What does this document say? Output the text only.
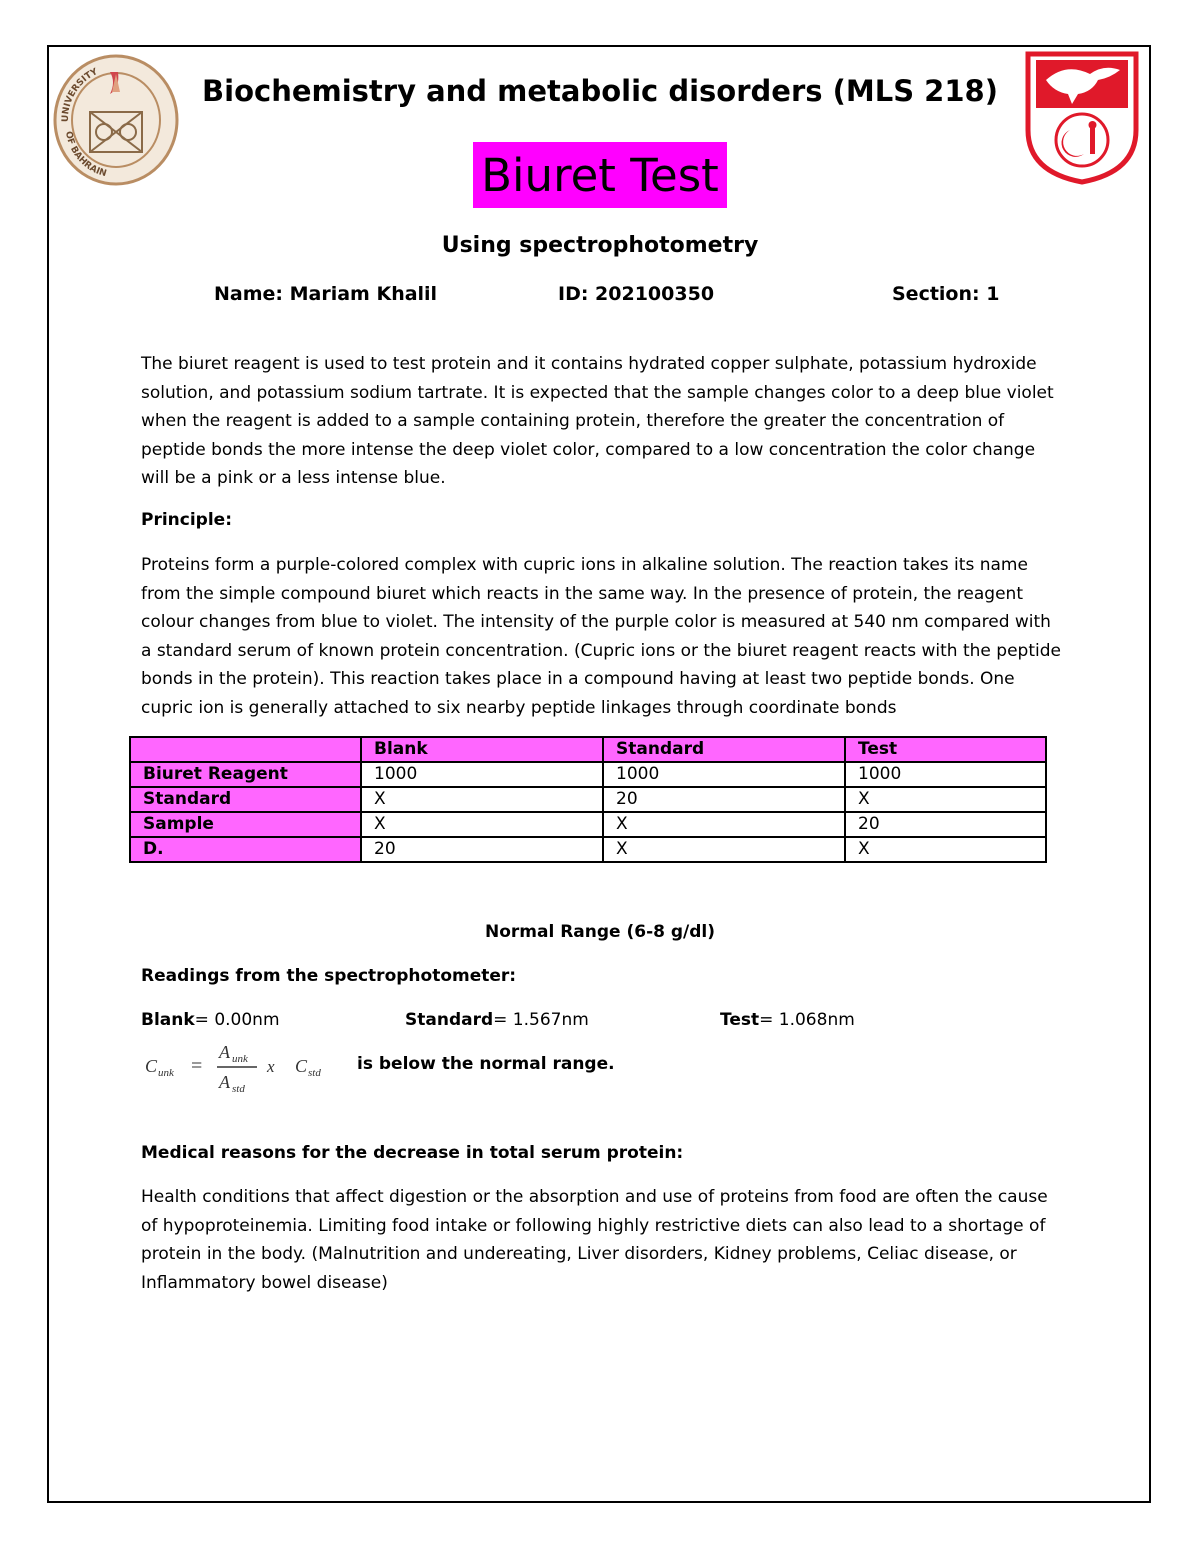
UNIVERSITY
OF BAHRAIN
Biochemistry and metabolic disorders (MLS 218)
Biuret Test
Using spectrophotometry
Name: Mariam Khalil	ID: 202100350	Section: 1
The biuret reagent is used to test protein and it contains hydrated copper sulphate, potassium hydroxide solution, and potassium sodium tartrate. It is expected that the sample changes color to a deep blue violet when the reagent is added to a sample containing protein, therefore the greater the concentration of peptide bonds the more intense the deep violet color, compared to a low concentration the color change will be a pink or a less intense blue.
Principle:
Proteins form a purple-colored complex with cupric ions in alkaline solution. The reaction takes its name from the simple compound biuret which reacts in the same way. In the presence of protein, the reagent colour changes from blue to violet. The intensity of the purple color is measured at 540 nm compared with a standard serum of known protein concentration. (Cupric ions or the biuret reagent reacts with the peptide bonds in the protein). This reaction takes place in a compound having at least two peptide bonds. One cupric ion is generally attached to six nearby peptide linkages through coordinate bonds
	Blank	Standard	Test
Biuret Reagent	1000	1000	1000
Standard	X	20	X
Sample	X	X	20
D.	20	X	X
Normal Range (6-8 g/dl)
Readings from the spectrophotometer:
Blank= 0.00nm	Standard= 1.567nm	Test= 1.068nm
C unk =
A unk
A std
x C std is below the normal range.
Medical reasons for the decrease in total serum protein:
Health conditions that affect digestion or the absorption and use of proteins from food are often the cause of hypoproteinemia. Limiting food intake or following highly restrictive diets can also lead to a shortage of protein in the body. (Malnutrition and undereating, Liver disorders, Kidney problems, Celiac disease, or Inflammatory bowel disease)
